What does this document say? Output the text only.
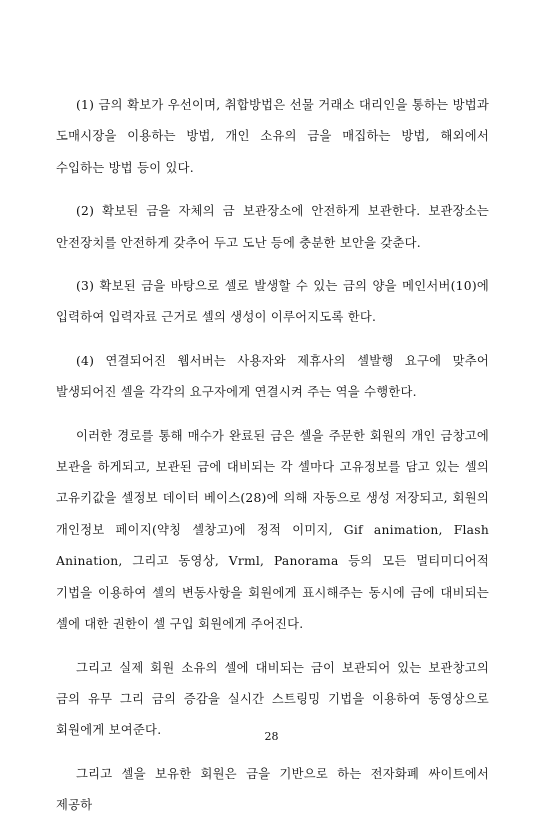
(1) 금의 확보가 우선이며, 취합방법은 선물 거래소 대리인을 통하는 방법과 도매시장을 이용하는 방법, 개인 소유의 금을 매집하는 방법, 해외에서 수입하는 방법 등이 있다.

(2) 확보된 금을 자체의 금 보관장소에 안전하게 보관한다. 보관장소는 안전장치를 안전하게 갖추어 두고 도난 등에 충분한 보안을 갖춘다.

(3) 확보된 금을 바탕으로 셀로 발생할 수 있는 금의 양을 메인서버(10)에 입력하여 입력자료 근거로 셀의 생성이 이루어지도록 한다.

(4) 연결되어진 웹서버는 사용자와 제휴사의 셀발행 요구에 맞추어 발생되어진 셀을 각각의 요구자에게 연결시켜 주는 역을 수행한다.

이러한 경로를 통해 매수가 완료된 금은 셀을 주문한 회원의 개인 금창고에 보관을 하게되고, 보관된 금에 대비되는 각 셀마다 고유정보를 담고 있는 셀의 고유키값을 셀정보 데이터 베이스(28)에 의해 자동으로 생성 저장되고, 회원의 개인정보 페이지(약칭 셀창고)에 정적 이미지, Gif animation, Flash Anination, 그리고 동영상, Vrml, Panorama 등의 모든 멀티미디어적 기법을 이용하여 셀의 변동사항을 회원에게 표시해주는 동시에 금에 대비되는 셀에 대한 권한이 셀 구입 회원에게 주어진다.

그리고 실제 회원 소유의 셀에 대비되는 금이 보관되어 있는 보관창고의 금의 유무 그리 금의 증감을 실시간 스트링밍 기법을 이용하여 동영상으로 회원에게 보여준다.

그리고 셀을 보유한 회원은 금을 기반으로 하는 전자화폐 싸이트에서 제공하

28
